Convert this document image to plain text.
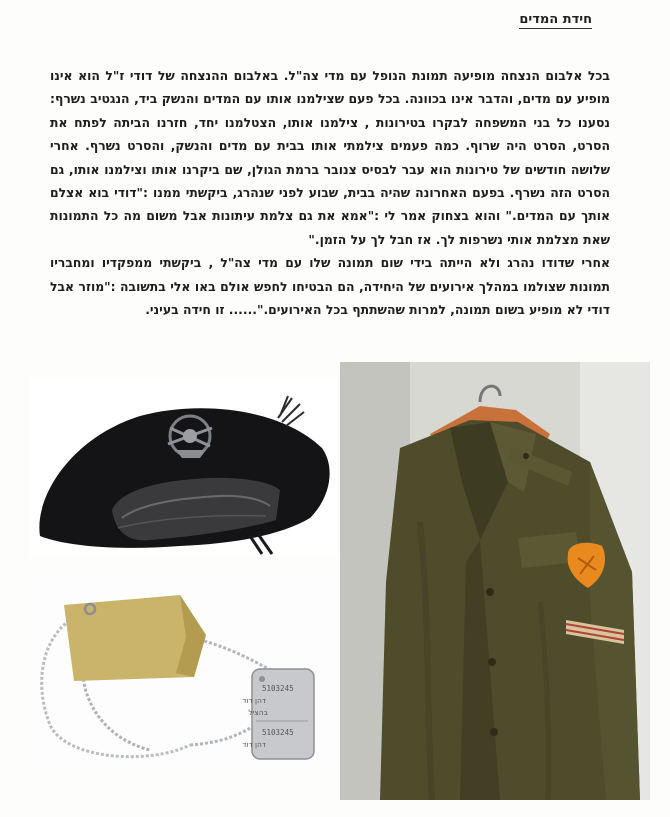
חידת המדים

בכל אלבום הנצחה מופיעה תמונת הנופל עם מדי צה"ל. באלבום ההנצחה של דודי ז"ל הוא אינו מופיע עם מדים, והדבר אינו בכוונה. בכל פעם שצילמנו אותו עם המדים והנשק ביד, הנגטיב נשרף: נסענו כל בני המשפחה לבקרו בטירונות , צילמנו אותו, הצטלמנו יחד, חזרנו הביתה לפתח את הסרט, הסרט היה שרוף. כמה פעמים צילמתי אותו בבית עם מדים והנשק, והסרט נשרף. אחרי שלושה חודשים של טירונות הוא עבר לבסיס צנובר ברמת הגולן, שם ביקרנו אותו וצילמנו אותו, גם הסרט הזה נשרף. בפעם האחרונה שהיה בבית, שבוע לפני שנהרג, ביקשתי ממנו :"דודי בוא אצלם אותך עם המדים." והוא בצחוק אמר לי :"אמא את גם צלמת עיתונות אבל משום מה כל התמונות שאת מצלמת אותי נשרפות לך. אז חבל לך על הזמן."

אחרי שדודו נהרג ולא הייתה בידי שום תמונה שלו עם מדי צה"ל , ביקשתי ממפקדיו ומחבריו תמונות שצולמו במהלך אירועים של היחידה, הם הבטיחו לחפש אולם באו אלי בתשובה :"מוזר אבל דודי לא מופיע בשום תמונה, למרות שהשתתף בכל האירועים."...... זו חידה בעיני.

5103245
דהן דוד
בהציל
5103245
דהן דוד
